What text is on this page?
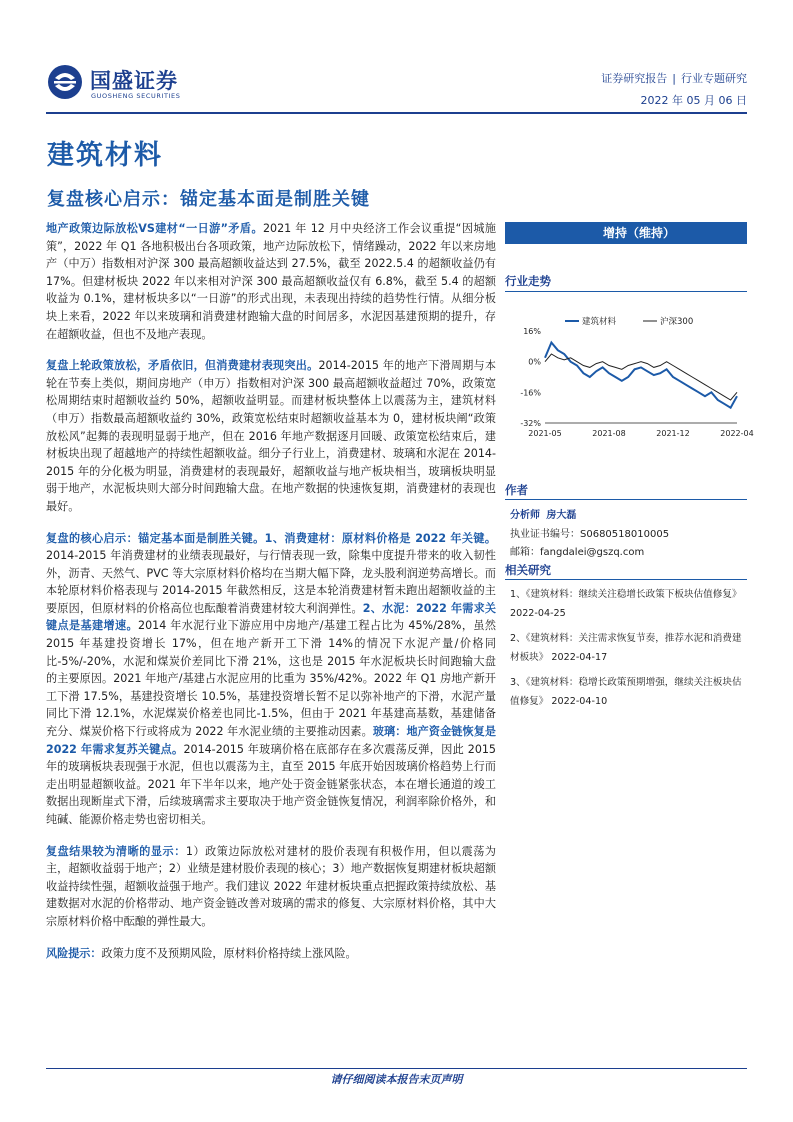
国盛证券
GUOSHENG SECURITIES
证券研究报告 | 行业专题研究
2022 年 05 月 06 日
建筑材料
复盘核心启示：锚定基本面是制胜关键

地产政策边际放松VS建材“一日游”矛盾。2021 年 12 月中央经济工作会议重提“因城施策”，2022 年 Q1 各地积极出台各项政策，地产边际放松下，情绪躁动，2022 年以来房地产（中万）指数相对沪深 300 最高超额收益达到 27.5%，截至 2022.5.4 的超额收益仍有 17%。但建材板块 2022 年以来相对沪深 300 最高超额收益仅有 6.8%，截至 5.4 的超额收益为 0.1%，建材板块多以“一日游”的形式出现，未表现出持续的趋势性行情。从细分板块上来看，2022 年以来玻璃和消费建材跑输大盘的时间居多，水泥因基建预期的提升，存在超额收益，但也不及地产表现。

复盘上轮政策放松，矛盾依旧，但消费建材表现突出。2014-2015 年的地产下滑周期与本轮在节奏上类似，期间房地产（申万）指数相对沪深 300 最高超额收益超过 70%，政策宽松周期结束时超额收益约 50%，超额收益明显。而建材板块整体上以震荡为主，建筑材料（申万）指数最高超额收益约 30%，政策宽松结束时超额收益基本为 0，建材板块阐“政策放松风”起舞的表现明显弱于地产，但在 2016 年地产数据逐月回暖、政策宽松结束后，建材板块出现了超越地产的持续性超额收益。细分子行业上，消费建材、玻璃和水泥在 2014-2015 年的分化极为明显，消费建材的表现最好，超额收益与地产板块相当，玻璃板块明显弱于地产，水泥板块则大部分时间跑输大盘。在地产数据的快速恢复期，消费建材的表现也最好。

复盘的核心启示：锚定基本面是制胜关键。1、消费建材：原材料价格是 2022 年关键。2014-2015 年消费建材的业绩表现最好，与行情表现一致，除集中度提升带来的收入韧性外，沥青、天然气、PVC 等大宗原材料价格均在当期大幅下降，龙头股利润逆势高增长。而本轮原材料价格表现与 2014-2015 年截然相反，这是本轮消费建材暂未跑出超额收益的主要原因，但原材料的价格高位也酝酿着消费建材较大利润弹性。2、水泥：2022 年需求关键点是基建增速。2014 年水泥行业下游应用中房地产/基建工程占比为 45%/28%，虽然 2015 年基建投资增长 17%，但在地产新开工下滑 14%的情况下水泥产量/价格同比-5%/-20%，水泥和煤炭价差同比下滑 21%，这也是 2015 年水泥板块长时间跑输大盘的主要原因。2021 年地产/基建占水泥应用的比重为 35%/42%。2022 年 Q1 房地产新开工下滑 17.5%，基建投资增长 10.5%，基建投资增长暂不足以弥补地产的下滑，水泥产量同比下滑 12.1%，水泥煤炭价格差也同比-1.5%，但由于 2021 年基建高基数，基建储备充分、煤炭价格下行或将成为 2022 年水泥业绩的主要推动因素。玻璃：地产资金链恢复是 2022 年需求复苏关键点。2014-2015 年玻璃价格在底部存在多次震荡反弹，因此 2015 年的玻璃板块表现强于水泥，但也以震荡为主，直至 2015 年底开始因玻璃价格趋势上行而走出明显超额收益。2021 年下半年以来，地产处于资金链紧张状态，本在增长通道的竣工数据出现断崖式下滑，后续玻璃需求主要取决于地产资金链恢复情况，利润率除价格外，和纯碱、能源价格走势也密切相关。

复盘结果较为清晰的显示：1）政策边际放松对建材的股价表现有积极作用，但以震荡为主，超额收益弱于地产；2）业绩是建材股价表现的核心；3）地产数据恢复期建材板块超额收益持续性强，超额收益强于地产。我们建议 2022 年建材板块重点把握政策持续放松、基建数据对水泥的价格带动、地产资金链改善对玻璃的需求的修复、大宗原材料价格，其中大宗原材料价格中酝酿的弹性最大。

风险提示：政策力度不及预期风险，原材料价格持续上涨风险。

增持（维持）
行业走势
建筑材料	沪深300
16%
0%
-16%
-32%
2021-05	2021-08	2021-12	2022-04
作者
分析师 房大磊
执业证书编号：S0680518010005
邮箱：fangdalei@gszq.com
相关研究
1、《建筑材料：继续关注稳增长政策下板块估值修复》 2022-04-25
2、《建筑材料：关注需求恢复节奏，推荐水泥和消费建材板块》 2022-04-17
3、《建筑材料：稳增长政策预期增强，继续关注板块估值修复》 2022-04-10
请仔细阅读本报告末页声明
